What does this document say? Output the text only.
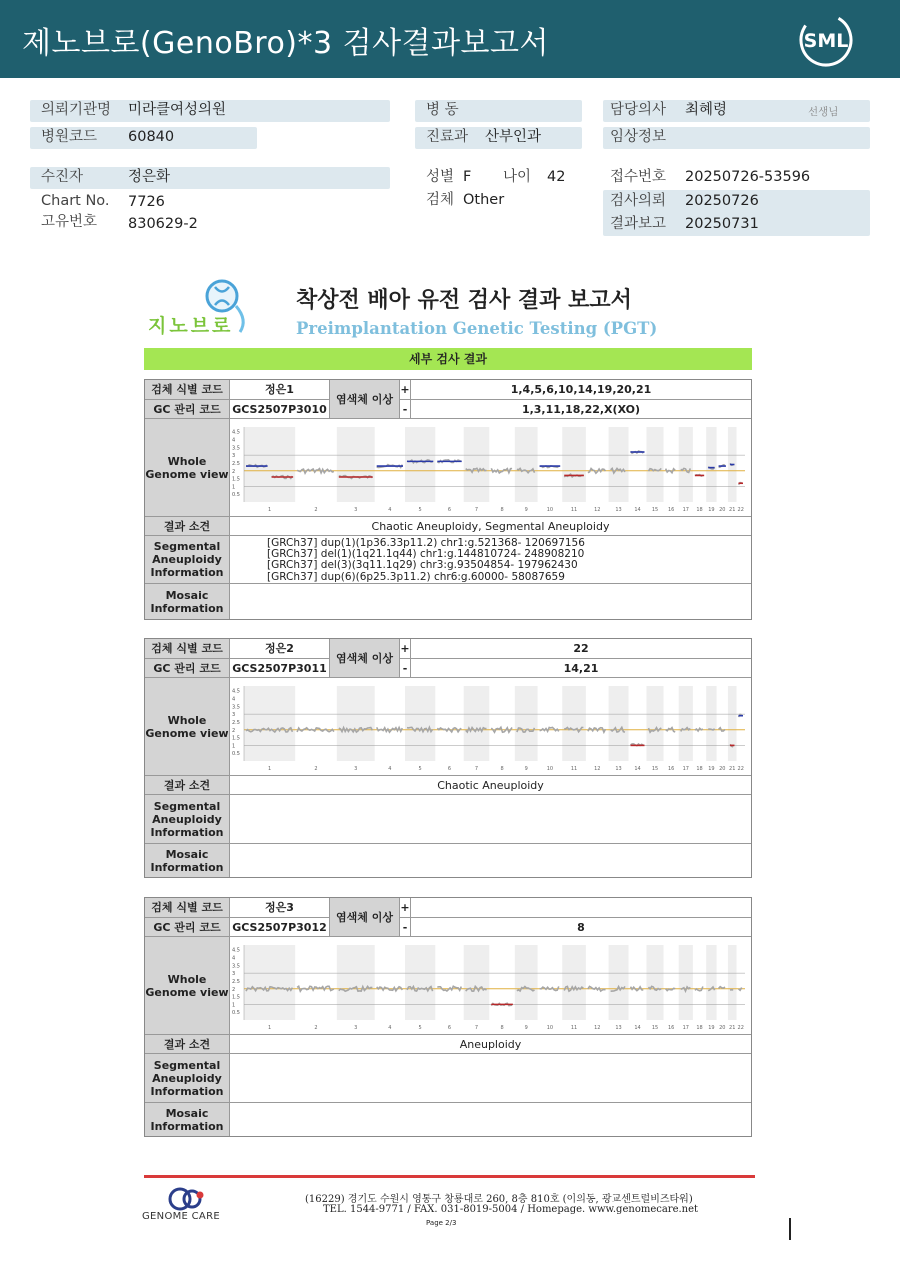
제노브로(GenoBro)*3 검사결과보고서	SML
의뢰기관명 미라클여성의원
병원코드 60840
병 동
진료과 산부인과
담당의사 최혜령	선생님
임상정보
수진자	정은화
Chart No. 7726
고유번호 830629-2
성별 F 나이 42
검체 Other
접수번호 20250726-53596
검사의뢰 20250726
결과보고 20250731
지노브로
착상전 배아 유전 검사 결과 보고서
Preimplantation Genetic Testing (PGT)
세부 검사 결과
검체 식별 코드	정은1
염색체 이상
+	1,4,5,6,10,14,19,20,21
GC 관리 코드	GCS2507P3010	-	1,3,11,18,22,X(XO)
Whole Genome view
4.5
4
3.5
3
2.5
2
1.5
1
0.5
1	2	3	4	5	6	7	8	9	10	11	12	13	14 15 16 17 18 19 20 21 22
결과 소견	Chaotic Aneuploidy, Segmental Aneuploidy
Segmental Aneuploidy Information
[GRCh37] dup(1)(1p36.33p11.2) chr1:g.521368- 120697156
[GRCh37] del(1)(1q21.1q44) chr1:g.144810724- 248908210
[GRCh37] del(3)(3q11.1q29) chr3:g.93504854- 197962430
[GRCh37] dup(6)(6p25.3p11.2) chr6:g.60000- 58087659
Mosaic Information
검체 식별 코드	정은2
염색체 이상
+	22
GC 관리 코드	GCS2507P3011	-	14,21
Whole Genome view
4.5
4
3.5
3
2.5
2
1.5
1
0.5
1	2	3	4	5	6	7	8	9	10	11	12	13	14 15 16 17 18 19 20 21 22
결과 소견	Chaotic Aneuploidy
Segmental Aneuploidy Information
Mosaic Information
검체 식별 코드	정은3
염색체 이상
+
GC 관리 코드	GCS2507P3012	-	8
Whole Genome view
4.5
4
3.5
3
2.5
2
1.5
1
0.5
1	2	3	4	5	6	7	8	9	10	11	12	13	14 15 16 17 18 19 20 21 22
결과 소견	Aneuploidy
Segmental Aneuploidy Information
Mosaic Information
GENOME CARE
(16229) 경기도 수원시 영통구 창룡대로 260, 8층 810호 (이의동, 광교센트럴비즈타워)
TEL. 1544-9771 / FAX. 031-8019-5004 / Homepage. www.genomecare.net
Page 2/3
